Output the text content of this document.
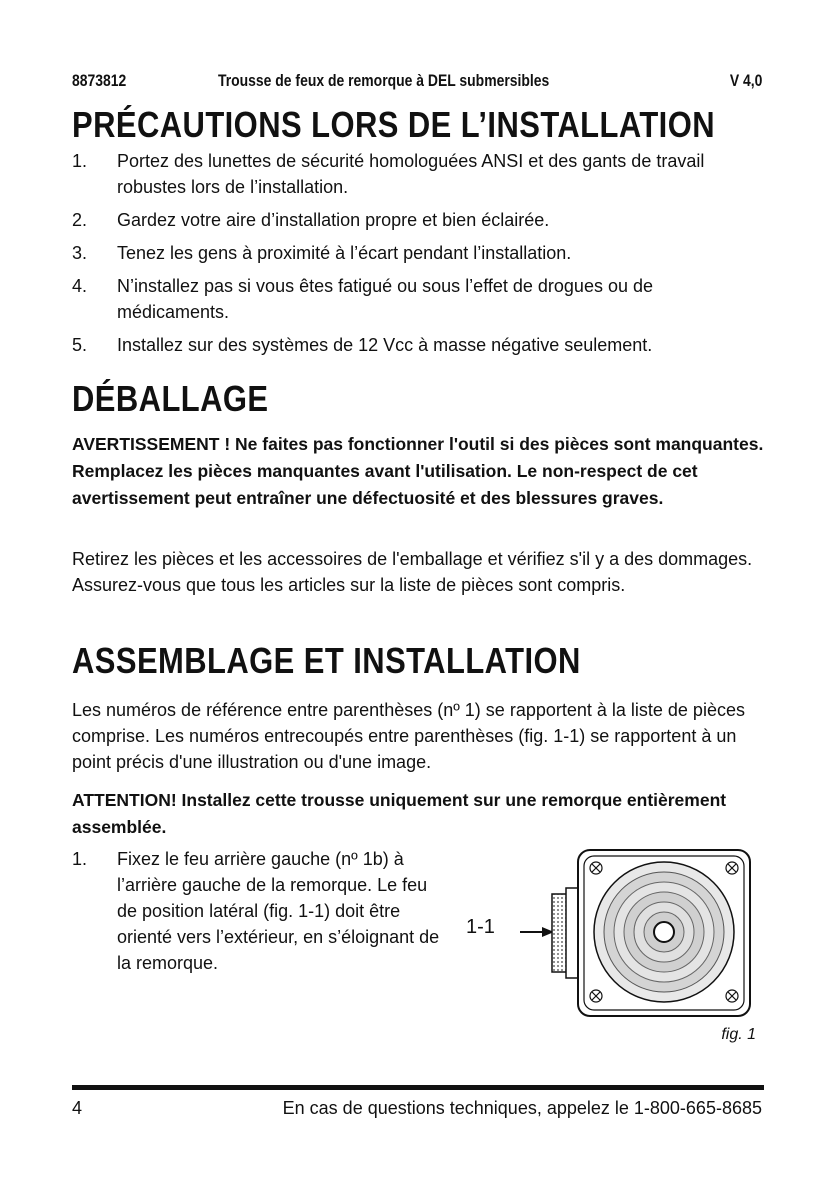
8873812	Trousse de feux de remorque à DEL submersibles	V 4,0
PRÉCAUTIONS LORS DE L’INSTALLATION
1. Portez des lunettes de sécurité homologuées ANSI et des gants de travail robustes lors de l’installation.
2. Gardez votre aire d’installation propre et bien éclairée.
3. Tenez les gens à proximité à l’écart pendant l’installation.
4. N’installez pas si vous êtes fatigué ou sous l’effet de drogues ou de médicaments.
5. Installez sur des systèmes de 12 Vcc à masse négative seulement.
DÉBALLAGE

AVERTISSEMENT ! Ne faites pas fonctionner l'outil si des pièces sont manquantes. Remplacez les pièces manquantes avant l'utilisation. Le non-respect de cet avertissement peut entraîner une défectuosité et des blessures graves.

Retirez les pièces et les accessoires de l'emballage et vérifiez s'il y a des dommages. Assurez-vous que tous les articles sur la liste de pièces sont compris.

ASSEMBLAGE ET INSTALLATION

Les numéros de référence entre parenthèses (nº 1) se rapportent à la liste de pièces comprise. Les numéros entrecoupés entre parenthèses (fig. 1-1) se rapportent à un point précis d'une illustration ou d'une image.

ATTENTION! Installez cette trousse uniquement sur une remorque entièrement assemblée.

1. Fixez le feu arrière gauche (nº 1b) à l’arrière gauche de la remorque. Le feu de position latéral (fig. 1-1) doit être orienté vers l’extérieur, en s’éloignant de la remorque.
1-1
fig. 1
4	En cas de questions techniques, appelez le 1-800-665-8685
